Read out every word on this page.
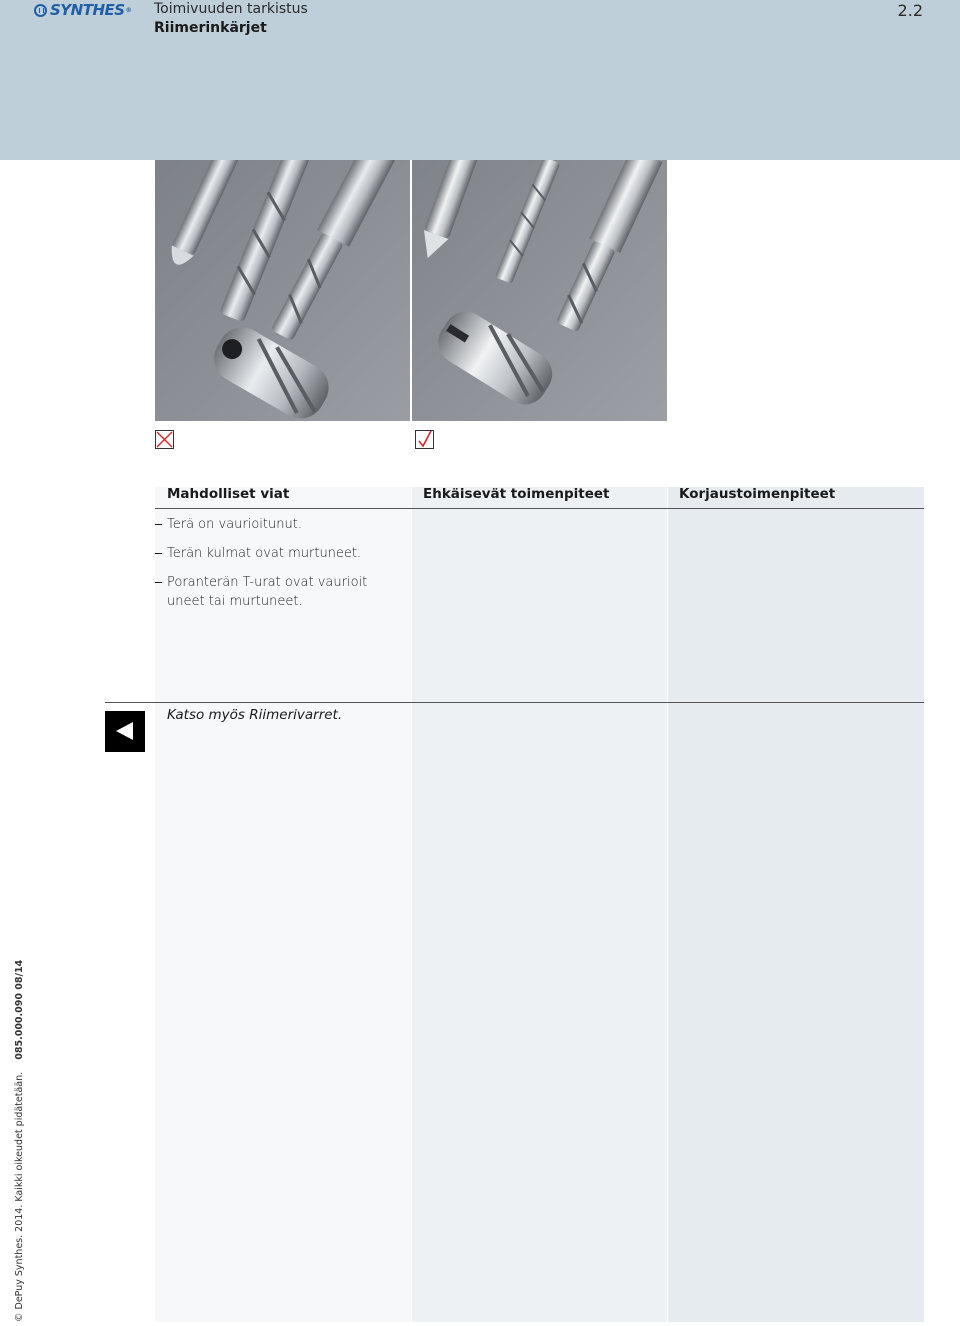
SYNTHES ® Toimivuuden tarkistus
Riimerinkärjet
2.2
Mahdolliset viat	Ehkäisevät toimenpiteet	Korjaustoimenpiteet
Terä on vaurioitunut.
Terän kulmat ovat murtuneet.
Poranterän T-urat ovat vaurioit uneet tai murtuneet.
Katso myös Riimerivarret.
© DePuy Synthes. 2014. Kaikki oikeudet pidätetään.    085.000.090 08/14
